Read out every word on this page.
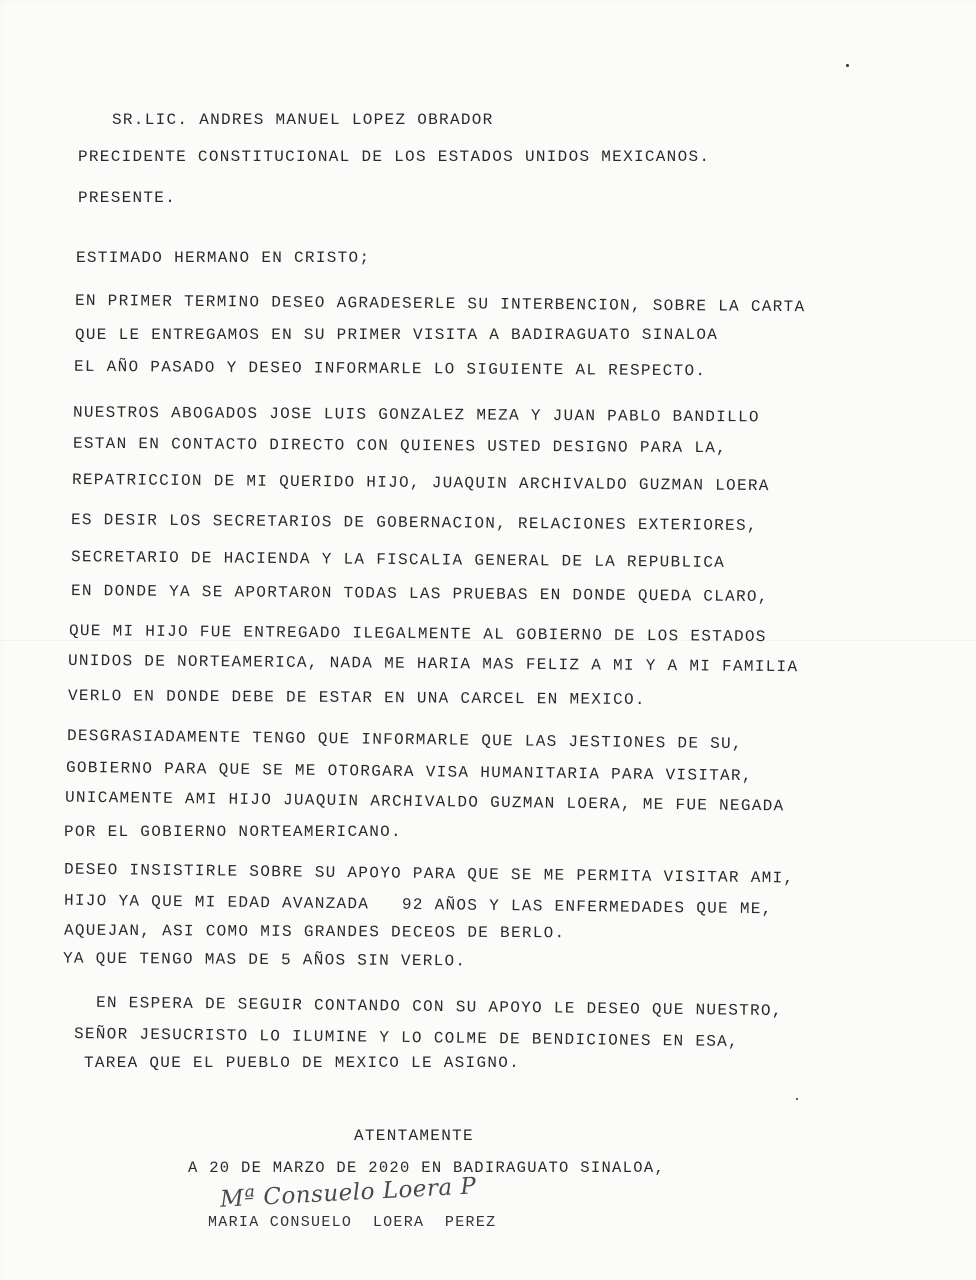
SR.LIC. ANDRES MANUEL LOPEZ OBRADOR
PRECIDENTE CONSTITUCIONAL DE LOS ESTADOS UNIDOS MEXICANOS.
PRESENTE.
ESTIMADO HERMANO EN CRISTO;
EN PRIMER TERMINO DESEO AGRADESERLE SU INTERBENCION, SOBRE LA CARTA
QUE LE ENTREGAMOS EN SU PRIMER VISITA A BADIRAGUATO SINALOA
EL AÑO PASADO Y DESEO INFORMARLE LO SIGUIENTE AL RESPECTO.
NUESTROS ABOGADOS JOSE LUIS GONZALEZ MEZA Y JUAN PABLO BANDILLO
ESTAN EN CONTACTO DIRECTO CON QUIENES USTED DESIGNO PARA LA,
REPATRICCION DE MI QUERIDO HIJO, JUAQUIN ARCHIVALDO GUZMAN LOERA
ES DESIR LOS SECRETARIOS DE GOBERNACION, RELACIONES EXTERIORES,
SECRETARIO DE HACIENDA Y LA FISCALIA GENERAL DE LA REPUBLICA
EN DONDE YA SE APORTARON TODAS LAS PRUEBAS EN DONDE QUEDA CLARO,
QUE MI HIJO FUE ENTREGADO ILEGALMENTE AL GOBIERNO DE LOS ESTADOS
UNIDOS DE NORTEAMERICA, NADA ME HARIA MAS FELIZ A MI Y A MI FAMILIA
VERLO EN DONDE DEBE DE ESTAR EN UNA CARCEL EN MEXICO.
DESGRASIADAMENTE TENGO QUE INFORMARLE QUE LAS JESTIONES DE SU,
GOBIERNO PARA QUE SE ME OTORGARA VISA HUMANITARIA PARA VISITAR,
UNICAMENTE AMI HIJO JUAQUIN ARCHIVALDO GUZMAN LOERA, ME FUE NEGADA
POR EL GOBIERNO NORTEAMERICANO.
DESEO INSISTIRLE SOBRE SU APOYO PARA QUE SE ME PERMITA VISITAR AMI,
HIJO YA QUE MI EDAD AVANZADA   92 AÑOS Y LAS ENFERMEDADES QUE ME,
AQUEJAN, ASI COMO MIS GRANDES DECEOS DE BERLO.
YA QUE TENGO MAS DE 5 AÑOS SIN VERLO.
EN ESPERA DE SEGUIR CONTANDO CON SU APOYO LE DESEO QUE NUESTRO,
SEÑOR JESUCRISTO LO ILUMINE Y LO COLME DE BENDICIONES EN ESA,
TAREA QUE EL PUEBLO DE MEXICO LE ASIGNO.
ATENTAMENTE
A 20 DE MARZO DE 2020 EN BADIRAGUATO SINALOA,
Mª Consuelo Loera P
MARIA CONSUELO  LOERA  PEREZ
